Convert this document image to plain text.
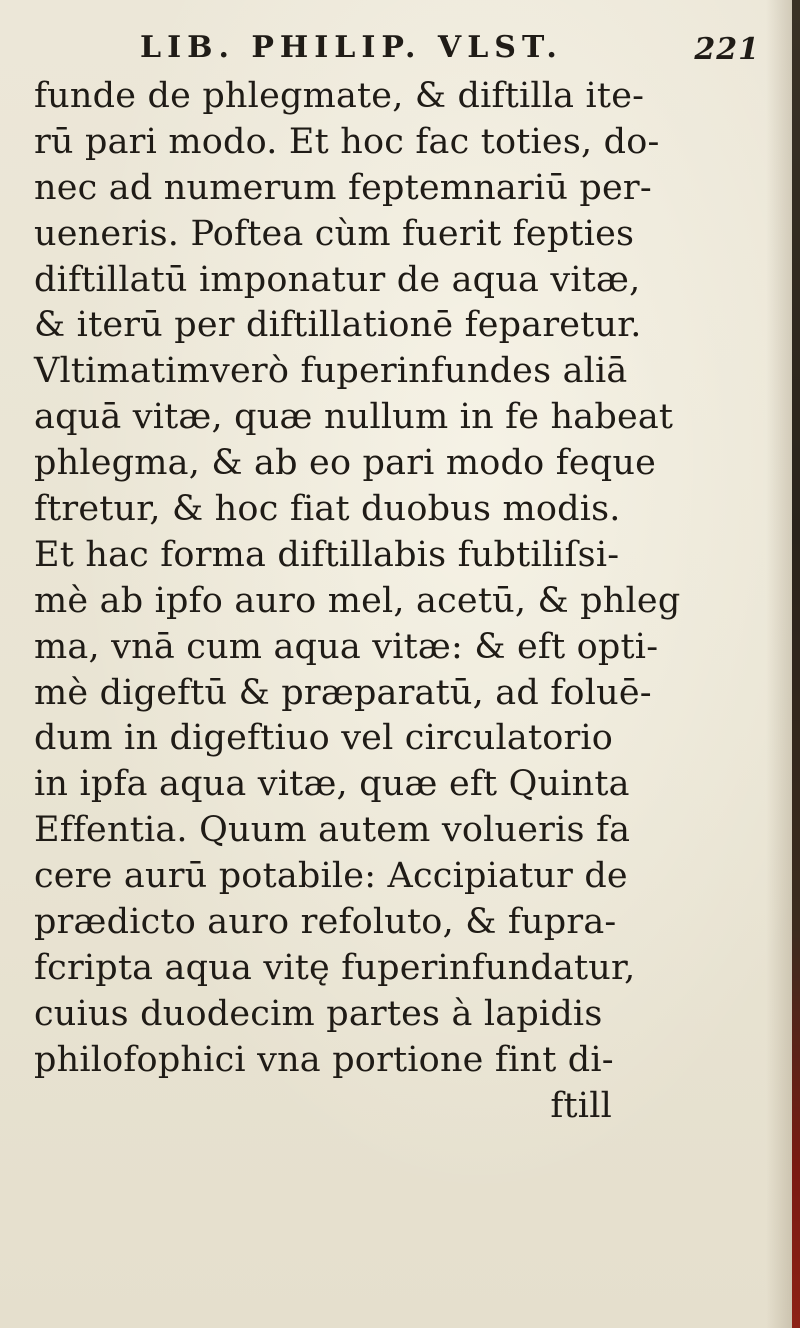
LIB. PHILIP. VLST.	221
funde de phlegmate, & diftilla ite-
rū pari modo. Et hoc fac toties, do-
nec ad numerum feptemnariū per-
ueneris. Poftea cùm fuerit fepties
diftillatū imponatur de aqua vitæ,
& iterū per diftillationē feparetur.
Vltimatimverò fuperinfundes aliā
aquā vitæ, quæ nullum in fe habeat
phlegma, & ab eo pari modo feque
ftretur, & hoc fiat duobus modis.
Et hac forma diftillabis fubtiliſsi-
mè ab ipfo auro mel, acetū, & phleg
ma, vnā cum aqua vitæ: & eft opti-
mè digeftū & præparatū, ad foluē-
dum in digeftiuo vel circulatorio
in ipfa aqua vitæ, quæ eft Quinta
Effentia. Quum autem volueris fa
cere aurū potabile: Accipiatur de
prædicto auro refoluto, & fupra-
fcripta aqua vitę fuperinfundatur,
cuius duodecim partes à lapidis
philofophici vna portione fint di-
ftill
